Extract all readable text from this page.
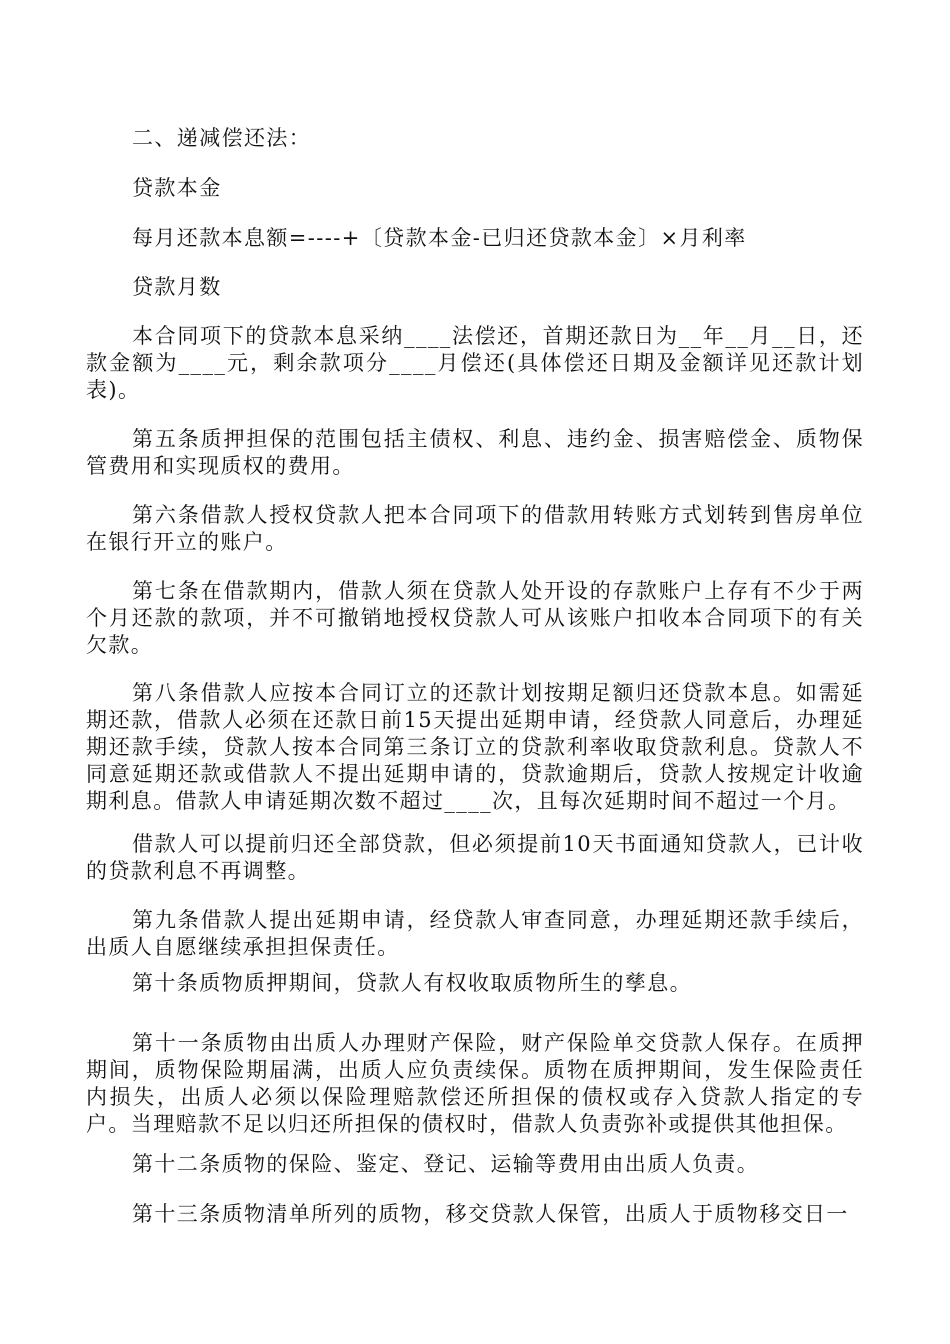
二、递减偿还法：

贷款本金

每月还款本息额=----+〔贷款本金-已归还贷款本金〕×月利率

贷款月数

本合同项下的贷款本息采纳____法偿还，首期还款日为__年__月__日，还款金额为____元，剩余款项分____月偿还(具体偿还日期及金额详见还款计划表)。

第五条质押担保的范围包括主债权、利息、违约金、损害赔偿金、质物保管费用和实现质权的费用。

第六条借款人授权贷款人把本合同项下的借款用转账方式划转到售房单位在银行开立的账户。

第七条在借款期内，借款人须在贷款人处开设的存款账户上存有不少于两个月还款的款项，并不可撤销地授权贷款人可从该账户扣收本合同项下的有关欠款。

第八条借款人应按本合同订立的还款计划按期足额归还贷款本息。如需延期还款，借款人必须在还款日前15天提出延期申请，经贷款人同意后，办理延期还款手续，贷款人按本合同第三条订立的贷款利率收取贷款利息。贷款人不同意延期还款或借款人不提出延期申请的，贷款逾期后，贷款人按规定计收逾期利息。借款人申请延期次数不超过____次，且每次延期时间不超过一个月。

借款人可以提前归还全部贷款，但必须提前10天书面通知贷款人，已计收的贷款利息不再调整。

第九条借款人提出延期申请，经贷款人审查同意，办理延期还款手续后，出质人自愿继续承担担保责任。

第十条质物质押期间，贷款人有权收取质物所生的孳息。

第十一条质物由出质人办理财产保险，财产保险单交贷款人保存。在质押期间，质物保险期届满，出质人应负责续保。质物在质押期间，发生保险责任内损失，出质人必须以保险理赔款偿还所担保的债权或存入贷款人指定的专户。当理赔款不足以归还所担保的债权时，借款人负责弥补或提供其他担保。

第十二条质物的保险、鉴定、登记、运输等费用由出质人负责。

第十三条质物清单所列的质物，移交贷款人保管，出质人于质物移交日一
